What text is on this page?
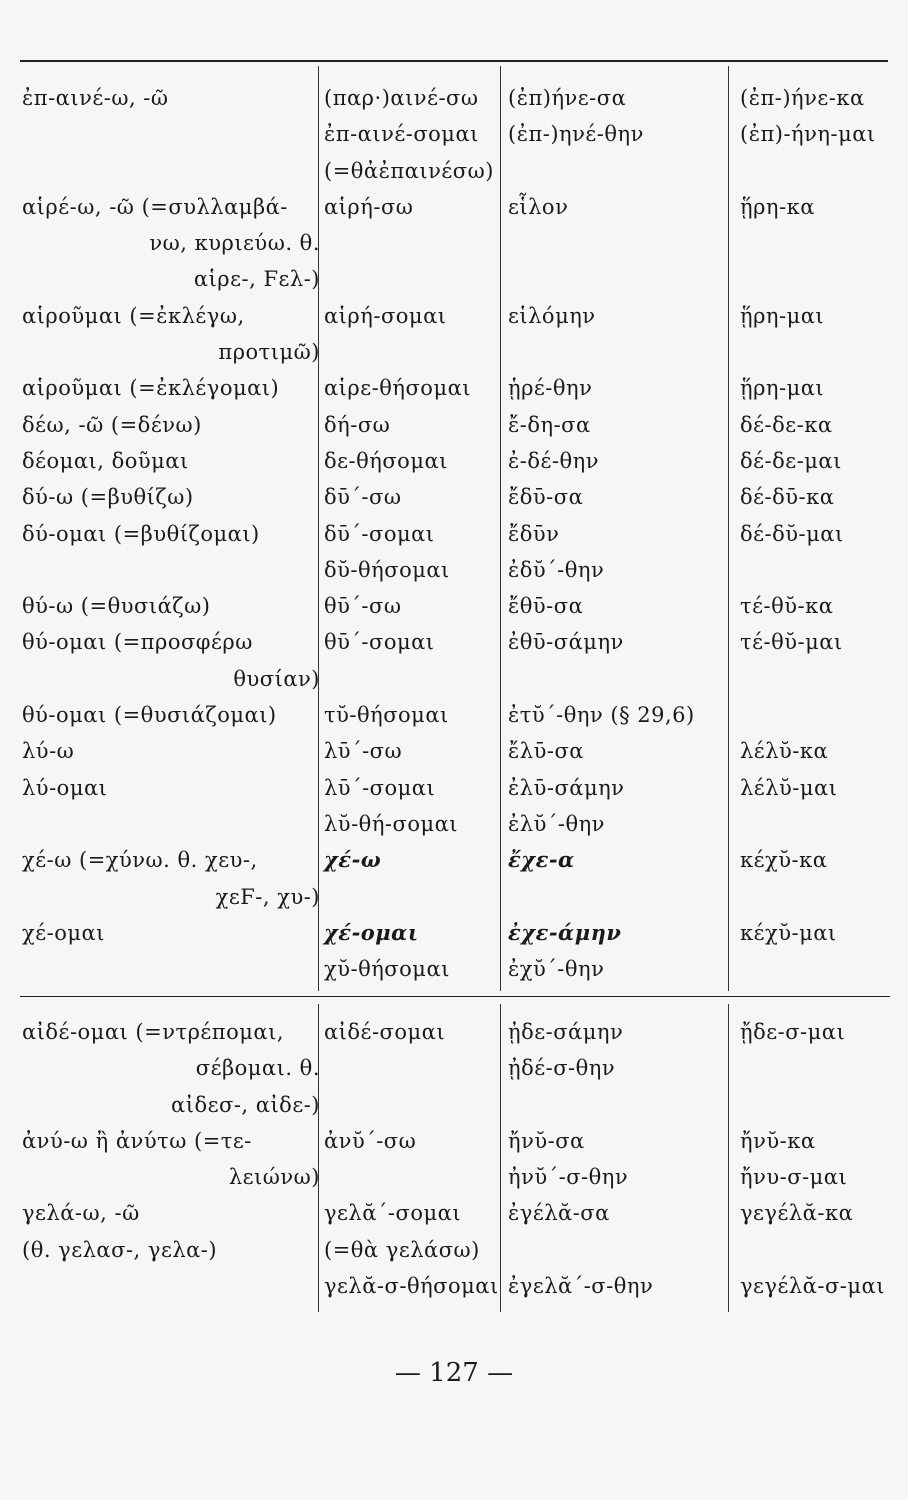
ἐπ-αινέ-ω, -ῶ	(παρ·)αινέ-σω	(ἐπ)ήνε-σα	(ἐπ-)ήνε-κα
	ἐπ-αινέ-σομαι	(ἐπ-)ηνέ-θην	(ἐπ)-ήνη-μαι
	(=θἀἐπαινέσω)		
αἱρέ-ω, -ῶ (=συλλαμβά-	αἱρή-σω	εἷλον	ᾕρη-κα
νω, κυριεύω. θ.			
αἱρε-, Ϝελ-)			
αἱροῦμαι (=ἐκλέγω,	αἱρή-σομαι	εἱλόμην	ᾕρη-μαι
προτιμῶ)			
αἱροῦμαι (=ἐκλέγομαι)	αἱρε-θήσομαι	ᾑρέ-θην	ᾕρη-μαι
δέω, -ῶ (=δένω)	δή-σω	ἔ-δη-σα	δέ-δε-κα
δέομαι, δοῦμαι	δε-θήσομαι	ἐ-δέ-θην	δέ-δε-μαι
δύ-ω (=βυθίζω)	δῡ΄-σω	ἔδῡ-σα	δέ-δῡ-κα
δύ-ομαι (=βυθίζομαι)	δῡ΄-σομαι	ἔδῡν	δέ-δῠ-μαι
	δῠ-θήσομαι	ἐδῠ΄-θην	
θύ-ω (=θυσιάζω)	θῡ΄-σω	ἔθῡ-σα	τέ-θῠ-κα
θύ-ομαι (=προσφέρω	θῡ΄-σομαι	ἐθῡ-σάμην	τέ-θῠ-μαι
θυσίαν)			
θύ-ομαι (=θυσιάζομαι)	τῠ-θήσομαι	ἐτῠ΄-θην (§ 29,6)	
λύ-ω	λῡ΄-σω	ἔλῡ-σα	λέλῠ-κα
λύ-ομαι	λῡ΄-σομαι	ἐλῡ-σάμην	λέλῠ-μαι
	λῠ-θή-σομαι	ἐλῠ΄-θην	
χέ-ω (=χύνω. θ. χευ-,	χέ-ω	ἔχε-α	κέχῠ-κα
χεϜ-, χυ-)			
χέ-ομαι	χέ-ομαι	ἐχε-άμην	κέχῠ-μαι
	χῠ-θήσομαι	ἐχῠ΄-θην	
αἰδέ-ομαι (=ντρέπομαι,	αἰδέ-σομαι	ᾐδε-σάμην	ᾔδε-σ-μαι
σέβομαι. θ.		ᾐδέ-σ-θην	
αἰδεσ-, αἰδε-)			
ἀνύ-ω ἢ ἀνύτω (=τε-	ἀνῠ΄-σω	ἤνῠ-σα	ἤνῠ-κα
λειώνω)		ἠνῠ΄-σ-θην	ἤνυ-σ-μαι
γελά-ω, -ῶ	γελᾰ΄-σομαι	ἐγέλᾰ-σα	γεγέλᾰ-κα
(θ. γελασ-, γελα-)	(=θὰ γελάσω)		
	γελᾰ-σ-θήσομαι	ἐγελᾰ΄-σ-θην	γεγέλᾰ-σ-μαι
— 127 —
